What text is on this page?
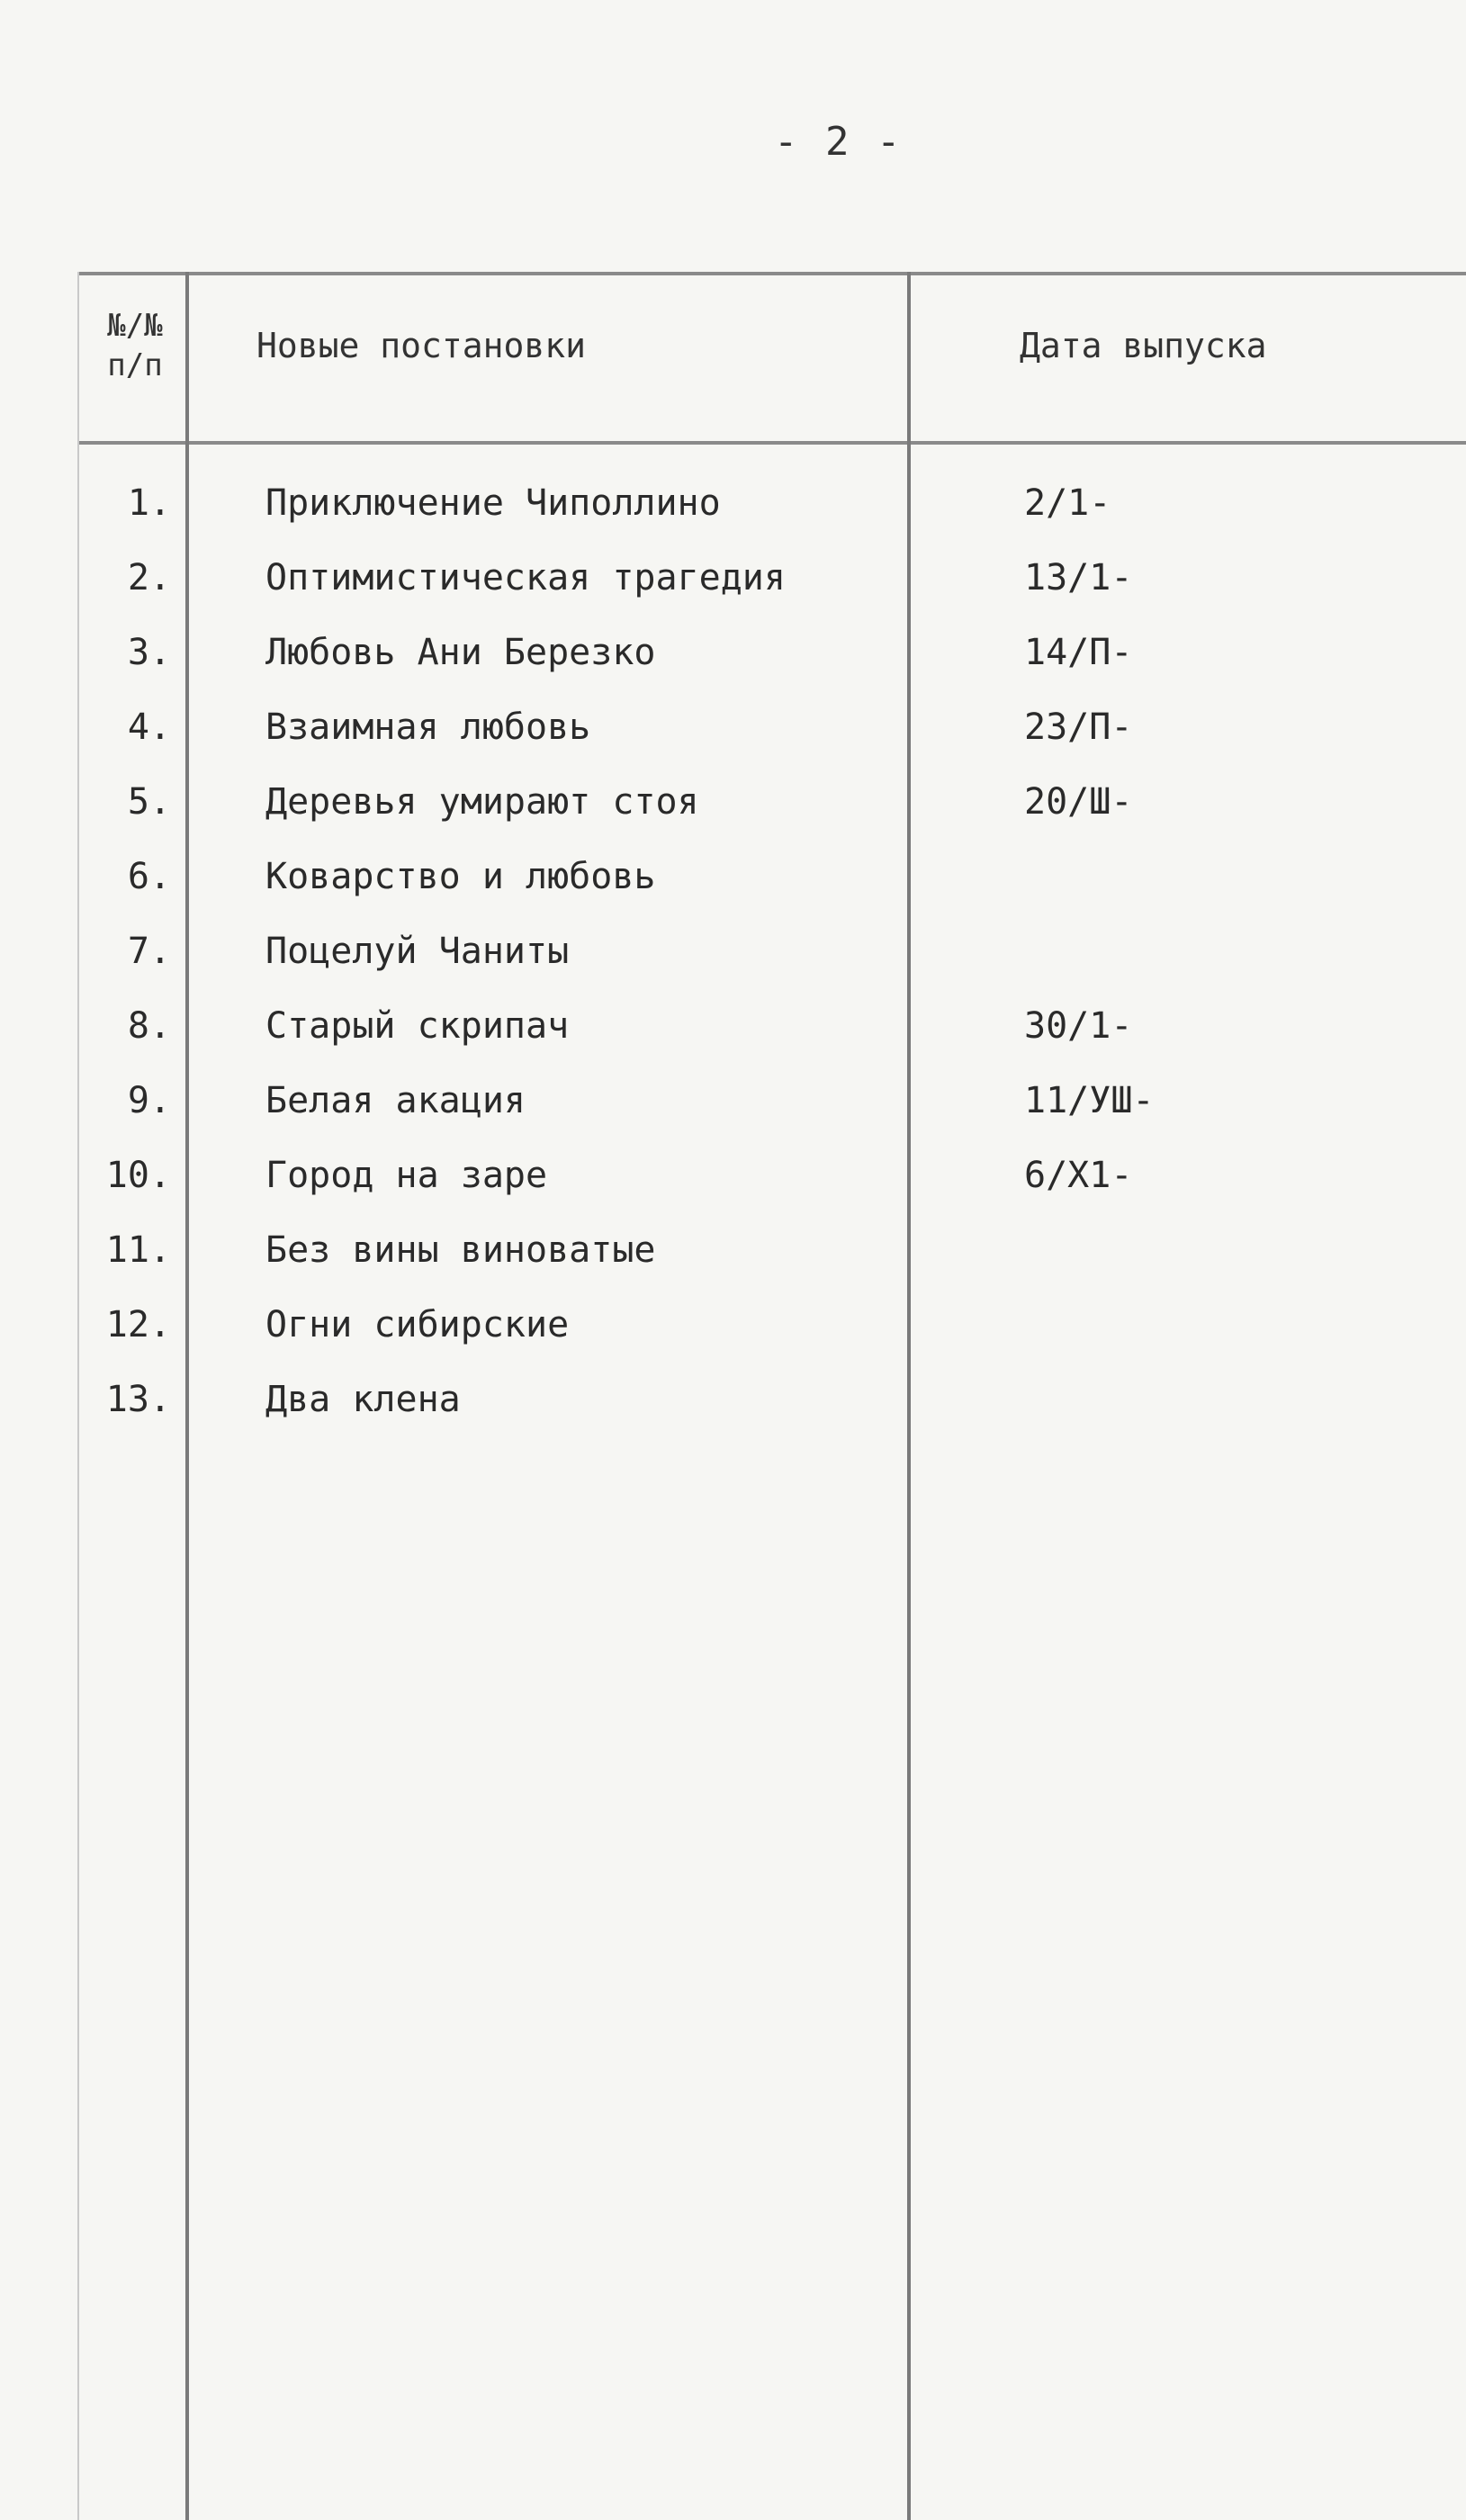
- 2 -
№/№ п/п	Новые постановки	Дата выпуска
1.	Приключение Чиполлино	2/1-
2.	Оптимистическая трагедия	13/1-
3.	Любовь Ани Березко	14/П-
4.	Взаимная любовь	23/П-
5.	Деревья умирают стоя	20/Ш-
6.	Коварство и любовь
7.	Поцелуй Чаниты
8.	Старый скрипач	30/1-
9.	Белая акация	11/УШ-
10.	Город на заре	6/Х1-
11.	Без вины виноватые
12.	Огни сибирские
13.	Два клена
